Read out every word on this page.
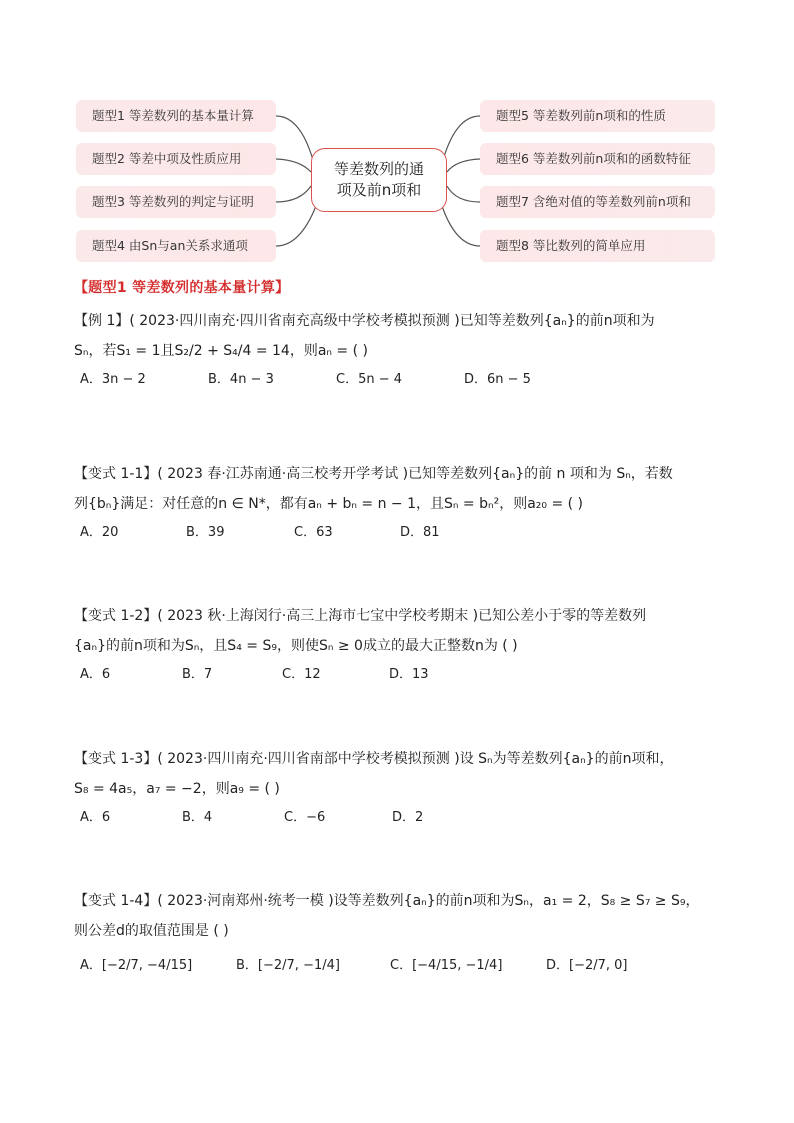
题型1 等差数列的基本量计算
题型2 等差中项及性质应用
题型3 等差数列的判定与证明
题型4 由Sn与an关系求通项
题型5 等差数列前n项和的性质
题型6 等差数列前n项和的函数特征
题型7 含绝对值的等差数列前n项和
题型8 等比数列的简单应用
等差数列的通项及前n项和
【题型1 等差数列的基本量计算】
【例 1】( 2023·四川南充·四川省南充高级中学校考模拟预测 )已知等差数列{aₙ}的前n项和为
Sₙ，若S₁ = 1且S₂/2 + S₄/4 = 14，则aₙ = ( )
A．3n − 2	B．4n − 3	C．5n − 4	D．6n − 5
【变式 1-1】( 2023 春·江苏南通·高三校考开学考试 )已知等差数列{aₙ}的前 n 项和为 Sₙ，若数
列{bₙ}满足：对任意的n ∈ N*，都有aₙ + bₙ = n − 1，且Sₙ = bₙ²，则a₂₀ = ( )
A．20	B．39	C．63	D．81
【变式 1-2】( 2023 秋·上海闵行·高三上海市七宝中学校考期末 )已知公差小于零的等差数列
{aₙ}的前n项和为Sₙ，且S₄ = S₉，则使Sₙ ≥ 0成立的最大正整数n为 ( )
A．6	B．7	C．12	D．13
【变式 1-3】( 2023·四川南充·四川省南部中学校考模拟预测 )设 Sₙ为等差数列{aₙ}的前n项和，
S₈ = 4a₅，a₇ = −2，则a₉ = ( )
A．6	B．4	C．−6	D．2
【变式 1-4】( 2023·河南郑州·统考一模 )设等差数列{aₙ}的前n项和为Sₙ，a₁ = 2，S₈ ≥ S₇ ≥ S₉，
则公差d的取值范围是 ( )
A．[−2/7, −4/15]	B．[−2/7, −1/4]	C．[−4/15, −1/4]	D．[−2/7, 0]
